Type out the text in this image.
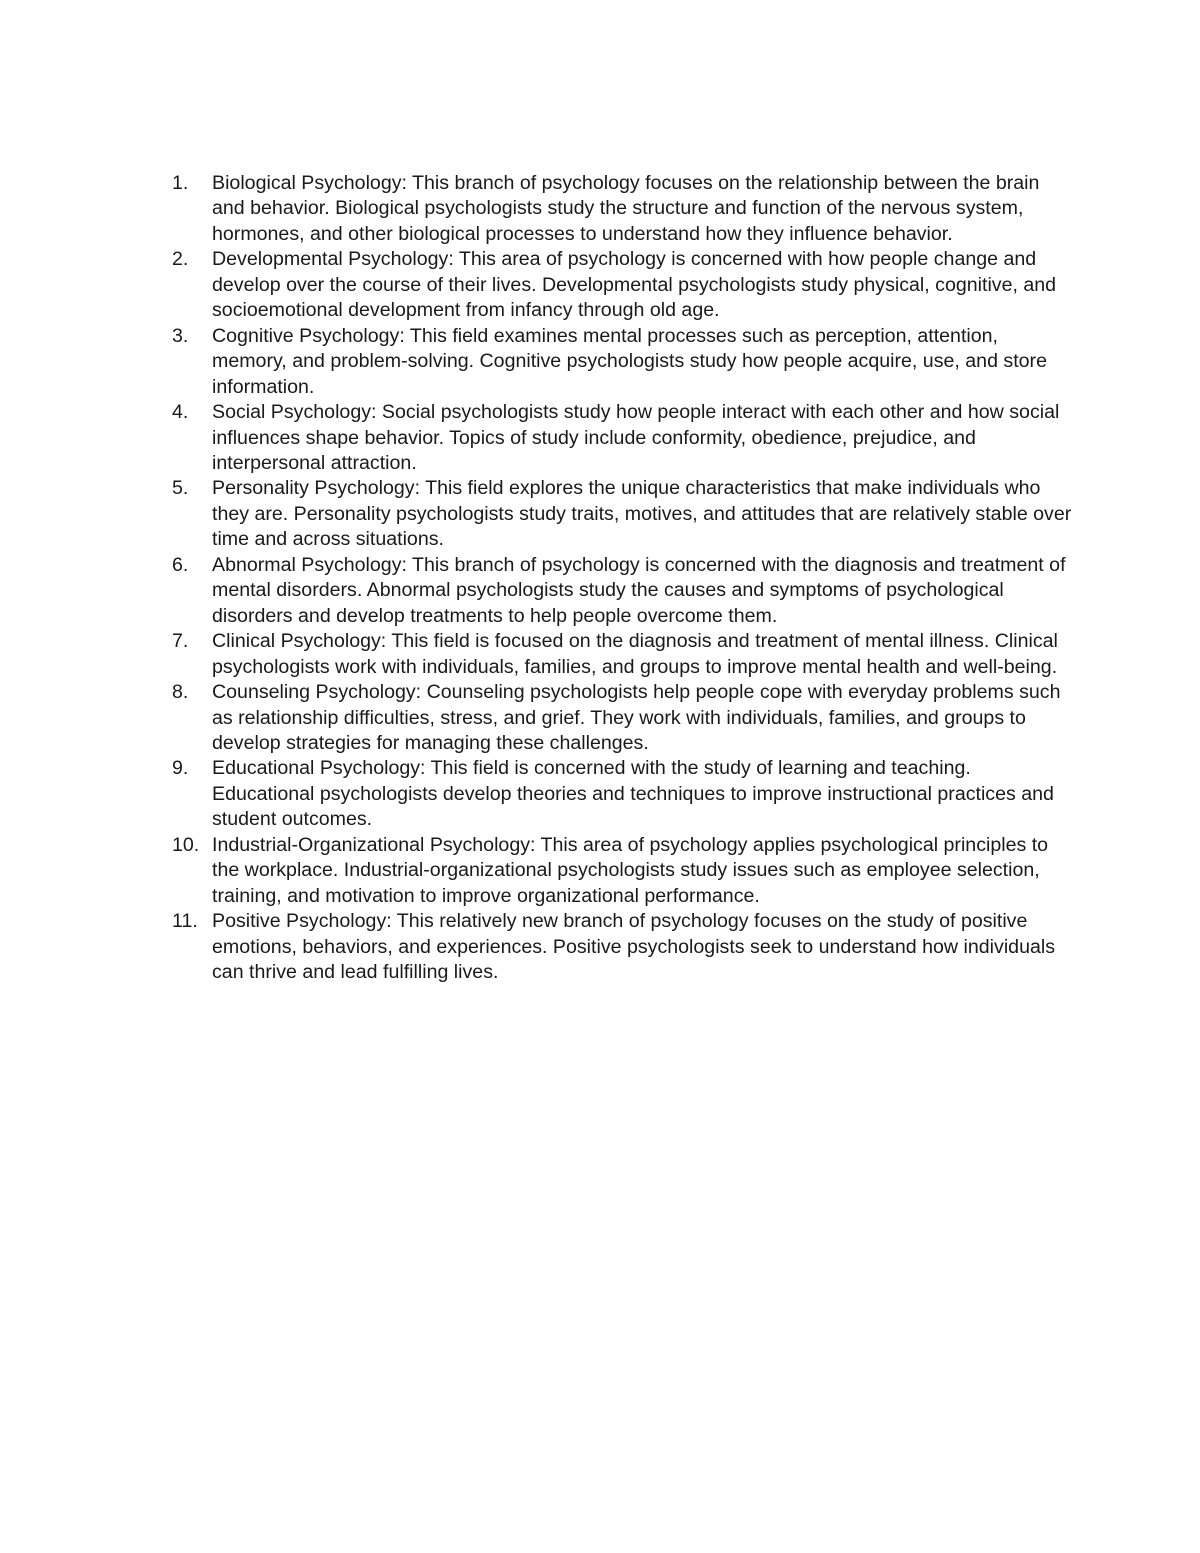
1.	Biological Psychology: This branch of psychology focuses on the relationship between the brain and behavior. Biological psychologists study the structure and function of the nervous system, hormones, and other biological processes to understand how they influence behavior.
2.	Developmental Psychology: This area of psychology is concerned with how people change and develop over the course of their lives. Developmental psychologists study physical, cognitive, and socioemotional development from infancy through old age.
3.	Cognitive Psychology: This field examines mental processes such as perception, attention, memory, and problem-solving. Cognitive psychologists study how people acquire, use, and store information.
4.	Social Psychology: Social psychologists study how people interact with each other and how social influences shape behavior. Topics of study include conformity, obedience, prejudice, and interpersonal attraction.
5.	Personality Psychology: This field explores the unique characteristics that make individuals who they are. Personality psychologists study traits, motives, and attitudes that are relatively stable over time and across situations.
6.	Abnormal Psychology: This branch of psychology is concerned with the diagnosis and treatment of mental disorders. Abnormal psychologists study the causes and symptoms of psychological disorders and develop treatments to help people overcome them.
7.	Clinical Psychology: This field is focused on the diagnosis and treatment of mental illness. Clinical psychologists work with individuals, families, and groups to improve mental health and well-being.
8.	Counseling Psychology: Counseling psychologists help people cope with everyday problems such as relationship difficulties, stress, and grief. They work with individuals, families, and groups to develop strategies for managing these challenges.
9.	Educational Psychology: This field is concerned with the study of learning and teaching. Educational psychologists develop theories and techniques to improve instructional practices and student outcomes.
10. Industrial-Organizational Psychology: This area of psychology applies psychological principles to the workplace. Industrial-organizational psychologists study issues such as employee selection, training, and motivation to improve organizational performance.
11. Positive Psychology: This relatively new branch of psychology focuses on the study of positive emotions, behaviors, and experiences. Positive psychologists seek to understand how individuals can thrive and lead fulfilling lives.
